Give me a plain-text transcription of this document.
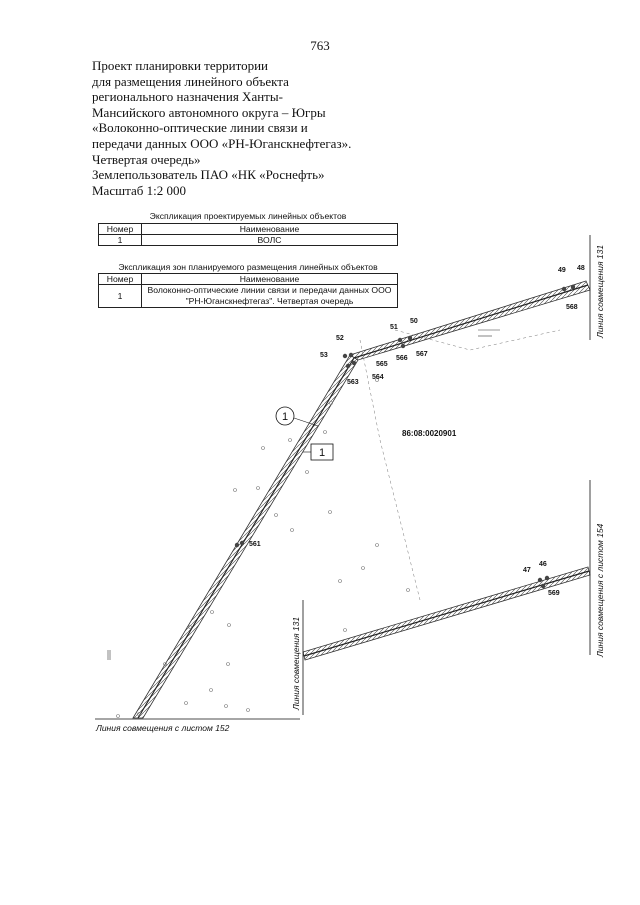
763
Проект планировки территории
для размещения линейного объекта
регионального назначения Ханты-
Мансийского автономного округа – Югры
«Волоконно-оптические линии связи и
передачи данных ООО «РН-Юганскнефтегаз».
Четвертая очередь»
Землепользователь ПАО «НК «Роснефть»
Масштаб 1:2 000
Экспликация проектируемых линейных объектов
Номер	Наименование
1	ВОЛС
Экспликация зон планируемого размещения линейных объектов
Номер	Наименование
1	Волоконно-оптические линии связи и передачи данных ООО "РН-Юганскнефтегаз". Четвертая очередь
1
1
86:08:0020901
49 48
568
52
51
50
53
565
566
567
563
564
561
47
46
569
Линия совмещения 131
Линия совмещения с листом 154
Линия совмещения 131
Линия совмещения с листом 152
